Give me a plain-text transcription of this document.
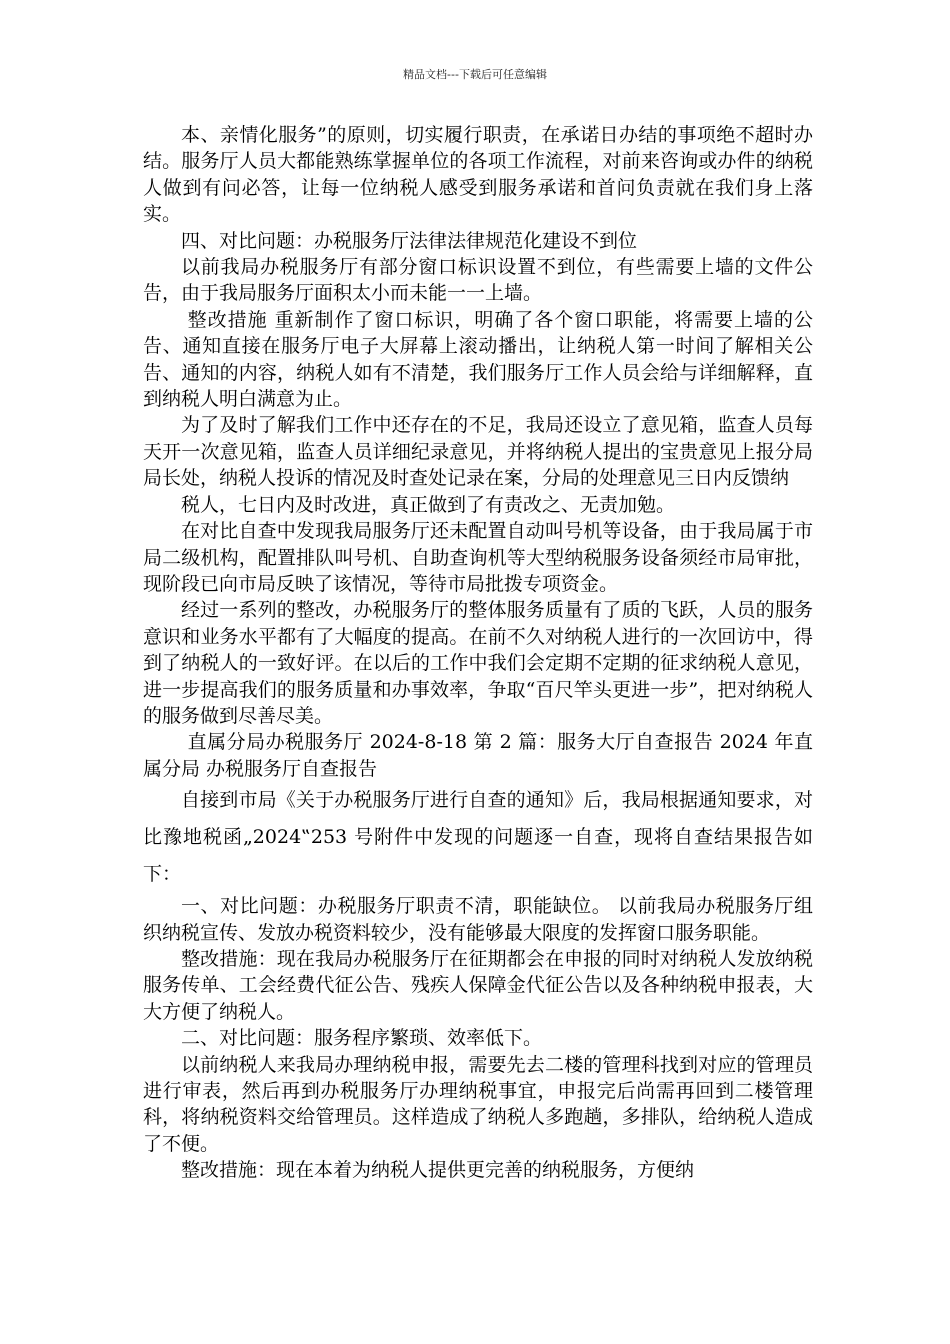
精品文档---下载后可任意编辑

本、亲情化服务”的原则，切实履行职责，在承诺日办结的事项绝不超时办结。服务厅人员大都能熟练掌握单位的各项工作流程，对前来咨询或办件的纳税人做到有问必答，让每一位纳税人感受到服务承诺和首问负责就在我们身上落实。

四、对比问题：办税服务厅法律法律规范化建设不到位

以前我局办税服务厅有部分窗口标识设置不到位，有些需要上墙的文件公告，由于我局服务厅面积太小而未能一一上墙。

整改措施 重新制作了窗口标识，明确了各个窗口职能，将需要上墙的公告、通知直接在服务厅电子大屏幕上滚动播出，让纳税人第一时间了解相关公告、通知的内容，纳税人如有不清楚，我们服务厅工作人员会给与详细解释，直到纳税人明白满意为止。

为了及时了解我们工作中还存在的不足，我局还设立了意见箱，监查人员每天开一次意见箱，监查人员详细纪录意见，并将纳税人提出的宝贵意见上报分局局长处，纳税人投诉的情况及时查处记录在案，分局的处理意见三日内反馈纳

税人，七日内及时改进，真正做到了有责改之、无责加勉。

在对比自查中发现我局服务厅还未配置自动叫号机等设备，由于我局属于市局二级机构，配置排队叫号机、自助查询机等大型纳税服务设备须经市局审批，现阶段已向市局反映了该情况，等待市局批拨专项资金。

经过一系列的整改，办税服务厅的整体服务质量有了质的飞跃，人员的服务意识和业务水平都有了大幅度的提高。在前不久对纳税人进行的一次回访中，得到了纳税人的一致好评。在以后的工作中我们会定期不定期的征求纳税人意见，进一步提高我们的服务质量和办事效率，争取“百尺竿头更进一步”，把对纳税人的服务做到尽善尽美。

直属分局办税服务厅 2024-8-18 第 2 篇：服务大厅自查报告 2024 年直属分局 办税服务厅自查报告

自接到市局《关于办税服务厅进行自查的通知》后，我局根据通知要求，对比豫地税函„2024‟253 号附件中发现的问题逐一自查，现将自查结果报告如下：

一、对比问题：办税服务厅职责不清，职能缺位。 以前我局办税服务厅组织纳税宣传、发放办税资料较少，没有能够最大限度的发挥窗口服务职能。

整改措施：现在我局办税服务厅在征期都会在申报的同时对纳税人发放纳税服务传单、工会经费代征公告、残疾人保障金代征公告以及各种纳税申报表，大大方便了纳税人。

二、对比问题：服务程序繁琐、效率低下。

以前纳税人来我局办理纳税申报，需要先去二楼的管理科找到对应的管理员进行审表，然后再到办税服务厅办理纳税事宜，申报完后尚需再回到二楼管理科，将纳税资料交给管理员。这样造成了纳税人多跑趟，多排队，给纳税人造成了不便。

整改措施：现在本着为纳税人提供更完善的纳税服务，方便纳
